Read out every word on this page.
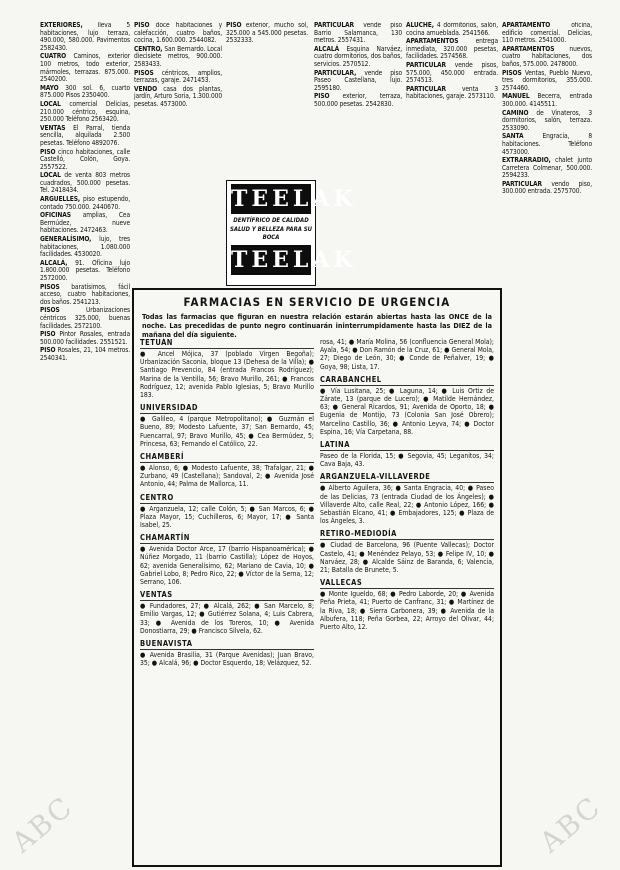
EXTERIORES, lleva 5 habitaciones, lujo terraza, 490.000, 580.000. Pavimentos 2582430.

CUATRO Caminos, exterior 100 metros, todo exterior, mármoles, terrazas. 875.000. 2540200.

MAYO 300 sol. 6, cuarto 875.000 Pisos 2350400.

LOCAL comercial Delicias, 210.000 céntrico, esquina, 250.000 Teléfono 2563420.

VENTAS El Parral, tienda sencilla, alquilada 2.500 pesetas. Teléfono 4892076.

PISO cinco habitaciones, calle Castelló, Colón, Goya. 2557522.

LOCAL de venta 803 metros cuadrados, 500.000 pesetas. Tel. 2418434.

ARGUELLES, piso estupendo, contado 750.000. 2440670.

OFICINAS amplias, Cea Bermúdez, nueve habitaciones. 2472463.

GENERALÍSIMO, lujo, tres habitaciones, 1.080.000 facilidades. 4530020.

ALCALÁ, 91. Oficina lujo 1.800.000 pesetas. Teléfono 2572000.

PISOS baratísimos, fácil acceso, cuatro habitaciones, dos baños. 2541213.

PISOS Urbanizaciones céntricos 325.000, buenas facilidades. 2572100.

PISO Pintor Rosales, entrada 500.000 facilidades. 2551521.

PISO Rosales, 21, 104 metros. 2540341.

PISO doce habitaciones y calefacción, cuatro baños, cocina, 1.600.000. 2544082.

CENTRO, San Bernardo. Local diecisiete metros, 900.000. 2583433.

PISOS céntricos, amplios, terrazas, garaje. 2471453.

VENDO casa dos plantas, jardín, Arturo Soria, 1.300.000 pesetas. 4573000.

PISO exterior, mucho sol, 325.000 a 545.000 pesetas. 2532333.

PARTICULAR vende piso Barrio Salamanca, 130 metros. 2557431.

ALCALÁ Esquina Narváez, cuatro dormitorios, dos baños, servicios. 2570512.

PARTICULAR, vende piso Paseo Castellana, lujo. 2595180.

PISO exterior, terraza, 500.000 pesetas. 2542830.

ALUCHE, 4 dormitorios, salón, cocina amueblada. 2541566.

APARTAMENTOS entrega inmediata, 320.000 pesetas, facilidades. 2574568.

PARTICULAR vende pisos, 575.000, 450.000 entrada. 2574513.

PARTICULAR venta 3 habitaciones, garaje. 2573110.

APARTAMENTO oficina, edificio comercial. Delicias, 110 metros. 2541000.

APARTAMENTOS nuevos, cuatro habitaciones, dos baños, 575.000. 2478000.

PISOS Ventas, Pueblo Nuevo, tres dormitorios, 355.000. 2574460.

MANUEL Becerra, entrada 300.000. 4145511.

CAMINO de Vinateros, 3 dormitorios, salón, terraza. 2533090.

SANTA Engracia, 8 habitaciones. Teléfono 4573000.

EXTRARRADIO, chalet junto Carretera Colmenar, 500.000. 2594233.

PARTICULAR vendo piso, 300.000 entrada. 2575700.

TEELAK
DENTÍFRICO DE CALIDAD
SALUD Y BELLEZA PARA SU BOCA
TEELAK
FARMACIAS EN SERVICIO DE URGENCIA
Todas las farmacias que figuran en nuestra relación estarán abiertas hasta las ONCE de la noche. Las precedidas de punto negro continuarán ininterrumpidamente hasta las DIEZ de la mañana del día siguiente.
TETUÁN

● Ancel Mójica, 37 (poblado Virgen Begoña); Urbanización Saconia, bloque 13 (Dehesa de la Villa); ● Santiago Prevencio, 84 (entrada Francos Rodríguez); Marina de la Ventilla, 56; Bravo Murillo, 261; ● Francos Rodríguez, 12; avenida Pablo Iglesias, 5; Bravo Murillo 183.

UNIVERSIDAD

● Galileo, 4 (parque Metropolitano); ● Guzmán el Bueno, 89; Modesto Lafuente, 37; San Bernardo, 45; Fuencarral, 97; Bravo Murillo, 45; ● Cea Bermúdez, 5; Princesa, 63; Fernando el Católico, 22.

CHAMBERÍ

● Alonso, 6; ● Modesto Lafuente, 38; Trafalgar, 21; ● Zurbano, 49 (Castellana); Sandoval, 2; ● Avenida José Antonio, 44; Palma de Mallorca, 11.

CENTRO

● Arganzuela, 12; calle Colón, 5; ● San Marcos, 6; ● Plaza Mayor, 15; Cuchilleros, 6; Mayor, 17; ● Santa Isabel, 25.

CHAMARTÍN

● Avenida Doctor Arce, 17 (barrio Hispanoamérica); ● Núñez Morgado, 11 (barrio Castilla); López de Hoyos, 62; avenida Generalísimo, 62; Mariano de Cavia, 10; ● Gabriel Lobo, 8; Pedro Rico, 22; ● Víctor de la Serna, 12; Serrano, 106.

VENTAS

● Fundadores, 27; ● Alcalá, 262; ● San Marcelo, 8; Emilio Vargas, 12; ● Gutiérrez Solana, 4; Luis Cabrera, 33; ● Avenida de los Toreros, 10; ● Avenida Donostiarra, 29; ● Francisco Silvela, 62.

BUENAVISTA

● Avenida Brasilia, 31 (Parque Avenidas); Juan Bravo, 35; ● Alcalá, 96; ● Doctor Esquerdo, 18; Velázquez, 52.

rosa, 41; ● María Molina, 56 (confluencia General Mola); Ayala, 54; ● Don Ramón de la Cruz, 61; ● General Mola, 27; Diego de León, 30; ● Conde de Peñalver, 19; ● Goya, 98; Lista, 17.

CARABANCHEL

● Vía Lusitana, 25; ● Laguna, 14; ● Luis Ortiz de Zárate, 13 (parque de Lucero); ● Matilde Hernández, 63; ● General Ricardos, 91; Avenida de Oporto, 18; ● Eugenia de Montijo, 73 (Colonia San José Obrero); Marcelino Castillo, 36; ● Antonio Leyva, 74; ● Doctor Espina, 16; Vía Carpetana, 88.

LATINA

Paseo de la Florida, 15; ● Segovia, 45; Leganitos, 34; Cava Baja, 43.

ARGANZUELA-VILLAVERDE

● Alberto Aguilera, 36; ● Santa Engracia, 40; ● Paseo de las Delicias, 73 (entrada Ciudad de los Ángeles); ● Villaverde Alto, calle Real, 22; ● Antonio López, 166; ● Sebastián Elcano, 41; ● Embajadores, 125; ● Plaza de los Ángeles, 3.

RETIRO-MEDIODÍA

● Ciudad de Barcelona, 96 (Puente Vallecas); Doctor Castelo, 41; ● Menéndez Pelayo, 53; ● Felipe IV, 10; ● Narváez, 28; ● Alcalde Sáinz de Baranda, 6; Valencia, 21; Batalla de Brunete, 5.

VALLECAS

● Monte Igueldo, 68; ● Pedro Laborde, 20; ● Avenida Peña Prieta, 41; Puerto de Canfranc, 31; ● Martínez de la Riva, 18; ● Sierra Carbonera, 39; ● Avenida de la Albufera, 118; Peña Gorbea, 22; Arroyo del Olivar, 44; Puerto Alto, 12.

ABC	ABC
